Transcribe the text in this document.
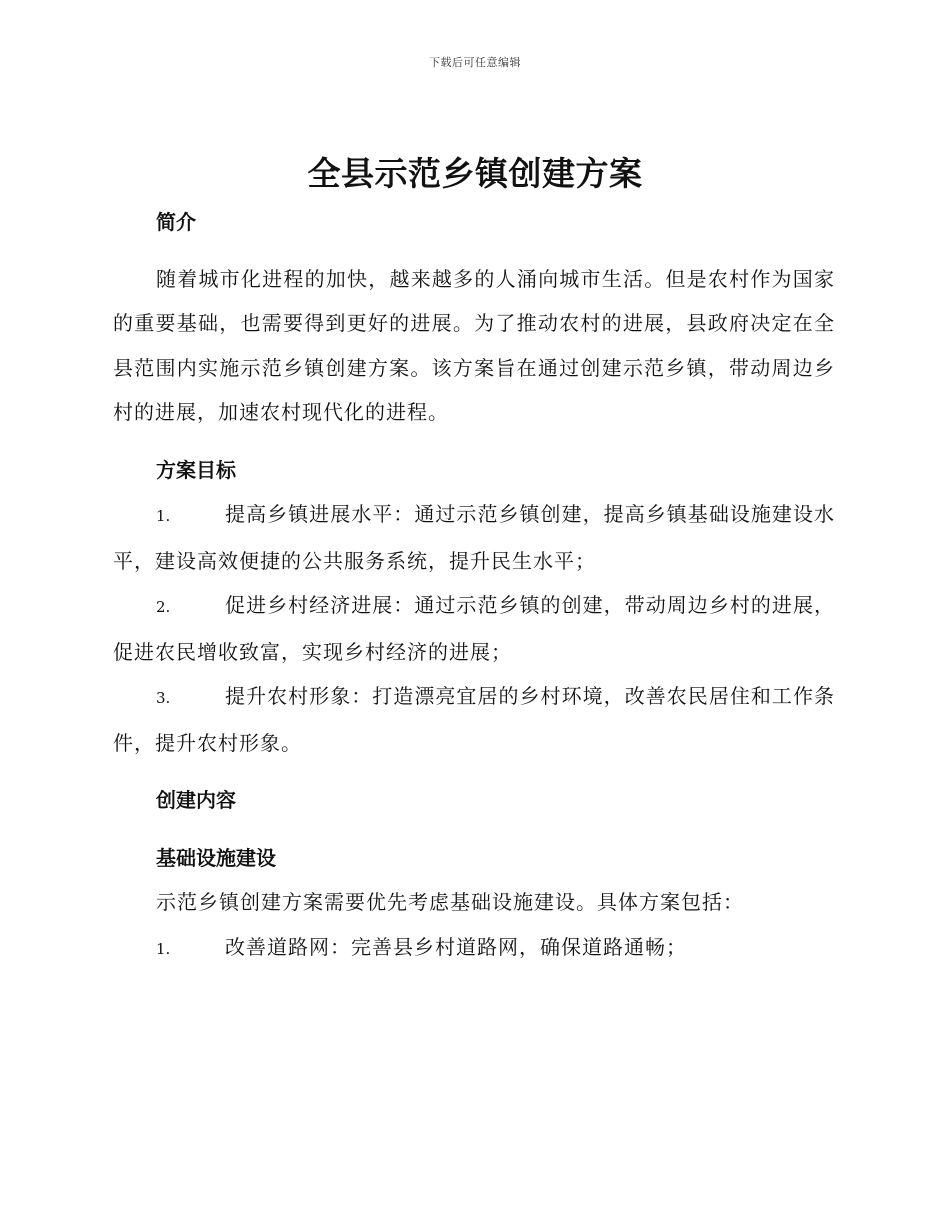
下载后可任意编辑
全县示范乡镇创建方案

简介

随着城市化进程的加快，越来越多的人涌向城市生活。但是农村作为国家的重要基础，也需要得到更好的进展。为了推动农村的进展，县政府决定在全县范围内实施示范乡镇创建方案。该方案旨在通过创建示范乡镇，带动周边乡村的进展，加速农村现代化的进程。

方案目标

1.	提高乡镇进展水平：通过示范乡镇创建，提高乡镇基础设施建设水平，建设高效便捷的公共服务系统，提升民生水平；

2.	促进乡村经济进展：通过示范乡镇的创建，带动周边乡村的进展，促进农民增收致富，实现乡村经济的进展；

3.	提升农村形象：打造漂亮宜居的乡村环境，改善农民居住和工作条件，提升农村形象。

创建内容

基础设施建设

示范乡镇创建方案需要优先考虑基础设施建设。具体方案包括：

1.	改善道路网：完善县乡村道路网，确保道路通畅；
